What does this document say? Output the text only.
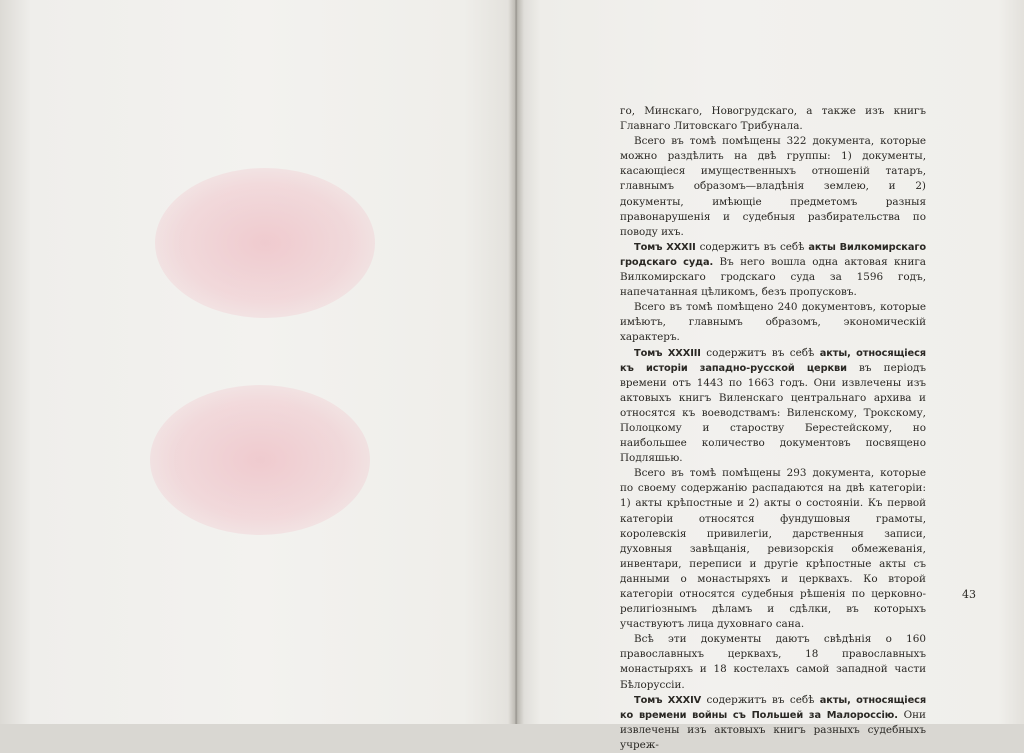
го, Минскаго, Новогрудскаго, а также изъ книгъ Главнаго Литовскаго Трибунала.

Всего въ томѣ помѣщены 322 документа, которые можно раздѣлить на двѣ группы: 1) документы, касающіеся имущественныхъ отношеній татаръ, главнымъ образомъ—владѣнія землею, и 2) документы, имѣющіе предметомъ разныя правонарушенія и судебныя разбирательства по поводу ихъ.

Томъ XXXII содержитъ въ себѣ акты Вилкомирскаго гродскаго суда. Въ него вошла одна актовая книга Вилкомирскаго гродскаго суда за 1596 годъ, напечатанная цѣликомъ, безъ пропусковъ.

Всего въ томѣ помѣщено 240 документовъ, которые имѣютъ, главнымъ образомъ, экономическій характеръ.

Томъ XXXIII содержитъ въ себѣ акты, относящіеся къ исторіи западно-русской церкви въ періодъ времени отъ 1443 по 1663 годъ. Они извлечены изъ актовыхъ книгъ Виленскаго центральнаго архива и относятся къ воеводствамъ: Виленскому, Трокскому, Полоцкому и староству Берестейскому, но наибольшее количество документовъ посвящено Подляшью.

Всего въ томѣ помѣщены 293 документа, которые по своему содержанію распадаются на двѣ категоріи: 1) акты крѣпостные и 2) акты о состояніи. Къ первой категоріи относятся фундушовыя грамоты, королевскія привилегіи, дарственныя записи, духовныя завѣщанія, ревизорскія обмежеванія, инвентари, переписи и другіе крѣпостные акты съ данными о монастыряхъ и церквахъ. Ко второй категоріи относятся судебныя рѣшенія по церковно-религіознымъ дѣламъ и сдѣлки, въ которыхъ участвуютъ лица духовнаго сана.

Всѣ эти документы даютъ свѣдѣнія о 160 православныхъ церквахъ, 18 православныхъ монастыряхъ и 18 костелахъ самой западной части Бѣлоруссіи.

Томъ XXXIV содержитъ въ себѣ акты, относящіеся ко времени войны съ Польшей за Малороссію. Они извлечены изъ актовыхъ книгъ разныхъ судебныхъ учреж-

43
